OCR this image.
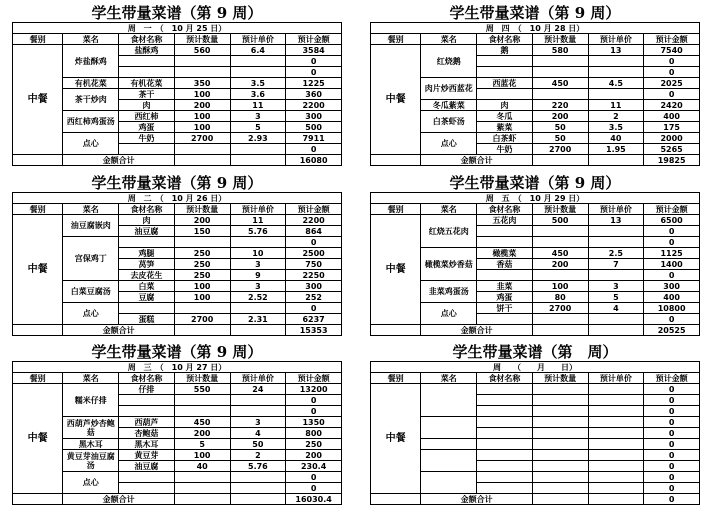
学生带量菜谱（第 9 周）
周　一　（　10 月 25 日）					
餐别	菜名	食材名称	预计数量	预计单价	预计金额
中餐	炸盐酥鸡	盐酥鸡	560	6.4	3584
					0
					0
	有机花菜	有机花菜	350	3.5	1225
	茶干炒肉	茶干	100	3.6	360
		肉	200	11	2200
	西红柿鸡蛋汤	西红柿	100	3	300
		鸡蛋	100	5	500
	点心	牛奶	2700	2.93	7911
					0
	金额合计				16080
学生带量菜谱（第 9 周）
周　四　（　10 月 28 日）					
餐别	菜名	食材名称	预计数量	预计单价	预计金额
中餐	红烧鹅	鹅	580	13	7540
					0
					0
	肉片炒西蓝花	西蓝花	450	4.5	2025
					0
	冬瓜紫菜	肉	220	11	2420
	白茶虾汤	冬瓜	200	2	400
		紫菜	50	3.5	175
	点心	白茶虾	50	40	2000
		牛奶	2700	1.95	5265
	金额合计				19825
学生带量菜谱（第 9 周）
周　二　（　10 月 26 日）					
餐别	菜名	食材名称	预计数量	预计单价	预计金额
中餐	油豆腐嵌肉	肉	200	11	2200
		油豆腐	150	5.76	864
	宫保鸡丁				0
		鸡腿	250	10	2500
		莴笋	250	3	750
		去皮花生	250	9	2250
	白菜豆腐汤	白菜	100	3	300
		豆腐	100	2.52	252
	点心				0
		蛋糕	2700	2.31	6237
	金额合计				15353
学生带量菜谱（第 9 周）
周　五　（　10 月 29 日）					
餐别	菜名	食材名称	预计数量	预计单价	预计金额
中餐	红烧五花肉	五花肉	500	13	6500
					0
					0
	橄榄菜炒香菇	橄榄菜	450	2.5	1125
		香菇	200	7	1400
					0
	韭菜鸡蛋汤	韭菜	100	3	300
		鸡蛋	80	5	400
	点心	饼干	2700	4	10800
					0
	金额合计				20525
学生带量菜谱（第 9 周）
周　三　（　10 月 27 日）					
餐别	菜名	食材名称	预计数量	预计单价	预计金额
中餐	糯米仔排	仔排	550	24	13200
					0
					0
	西葫芦炒杏鲍菇	西葫芦	450	3	1350
		杏鲍菇	200	4	800
	黑木耳	黑木耳	5	50	250
	黄豆芽油豆腐汤	黄豆芽	100	2	200
		油豆腐	40	5.76	230.4
	点心				0
					0
	金额合计				16030.4
学生带量菜谱（第　周）
周　　（　　月　　日）					
餐别	菜名	食材名称	预计数量	预计单价	预计金额
中餐					0
					0
					0
					0
					0
					0
					0
					0
					0
					0
	金额合计				0
